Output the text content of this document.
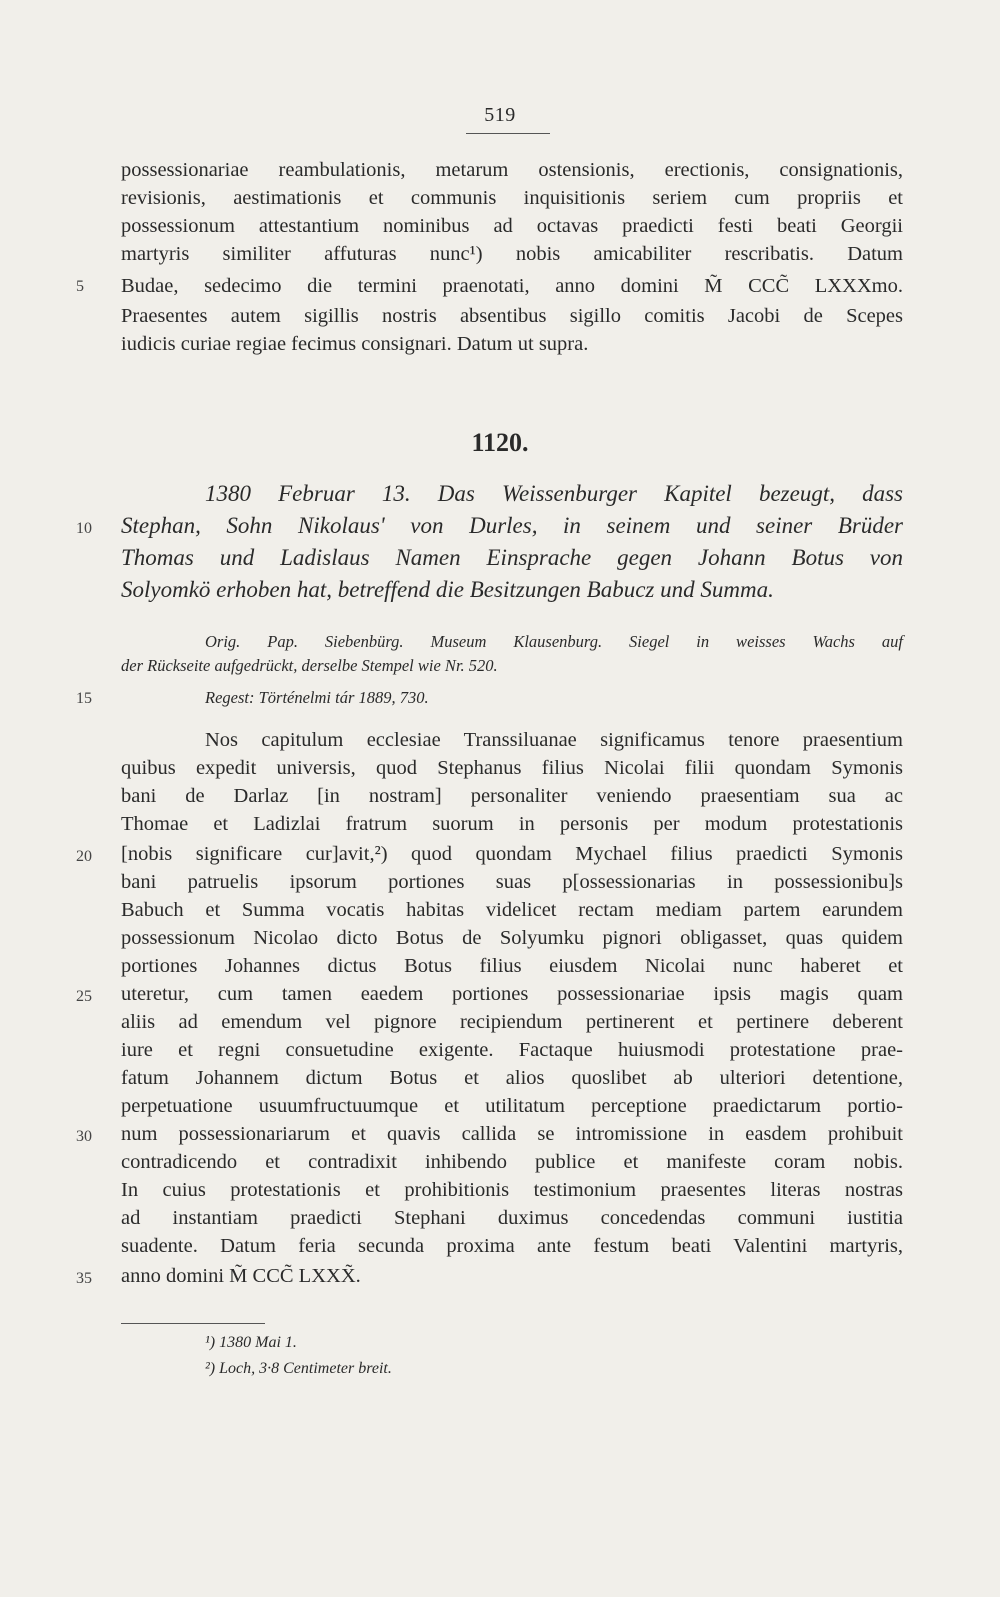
519
possessionariae reambulationis, metarum ostensionis, erectionis, consignationis,
revisionis, aestimationis et communis inquisitionis seriem cum propriis et
possessionum attestantium nominibus ad octavas praedicti festi beati Georgii
martyris similiter affuturas nunc¹) nobis amicabiliter rescribatis. Datum
Budae, sedecimo die termini praenotati, anno domini M̃ CCC̃ LXXXmo.
Praesentes autem sigillis nostris absentibus sigillo comitis Jacobi de Scepes
iudicis curiae regiae fecimus consignari. Datum ut supra.
5
1120.
1380 Februar 13. Das Weissenburger Kapitel bezeugt, dass
Stephan, Sohn Nikolaus' von Durles, in seinem und seiner Brüder
Thomas und Ladislaus Namen Einsprache gegen Johann Botus von
Solyomkö erhoben hat, betreffend die Besitzungen Babucz und Summa.
10
Orig. Pap. Siebenbürg. Museum Klausenburg. Siegel in weisses Wachs auf
der Rückseite aufgedrückt, derselbe Stempel wie Nr. 520.
Regest: Történelmi tár 1889, 730.
15
Nos capitulum ecclesiae Transsiluanae significamus tenore praesentium
quibus expedit universis, quod Stephanus filius Nicolai filii quondam Symonis
bani de Darlaz [in nostram] personaliter veniendo praesentiam sua ac
Thomae et Ladizlai fratrum suorum in personis per modum protestationis
[nobis significare cur]avit,²) quod quondam Mychael filius praedicti Symonis
bani patruelis ipsorum portiones suas p[ossessionarias in possessionibu]s
Babuch et Summa vocatis habitas videlicet rectam mediam partem earundem
possessionum Nicolao dicto Botus de Solyumku pignori obligasset, quas quidem
portiones Johannes dictus Botus filius eiusdem Nicolai nunc haberet et
uteretur, cum tamen eaedem portiones possessionariae ipsis magis quam
aliis ad emendum vel pignore recipiendum pertinerent et pertinere deberent
iure et regni consuetudine exigente. Factaque huiusmodi protestatione prae-
fatum Johannem dictum Botus et alios quoslibet ab ulteriori detentione,
perpetuatione usuumfructuumque et utilitatum perceptione praedictarum portio-
num possessionariarum et quavis callida se intromissione in easdem prohibuit
contradicendo et contradixit inhibendo publice et manifeste coram nobis.
In cuius protestationis et prohibitionis testimonium praesentes literas nostras
ad instantiam praedicti Stephani duximus concedendas communi iustitia
suadente. Datum feria secunda proxima ante festum beati Valentini martyris,
anno domini M̃ CCC̃ LXXX̃.
20
25
30
35
¹) 1380 Mai 1.
²) Loch, 3·8 Centimeter breit.
